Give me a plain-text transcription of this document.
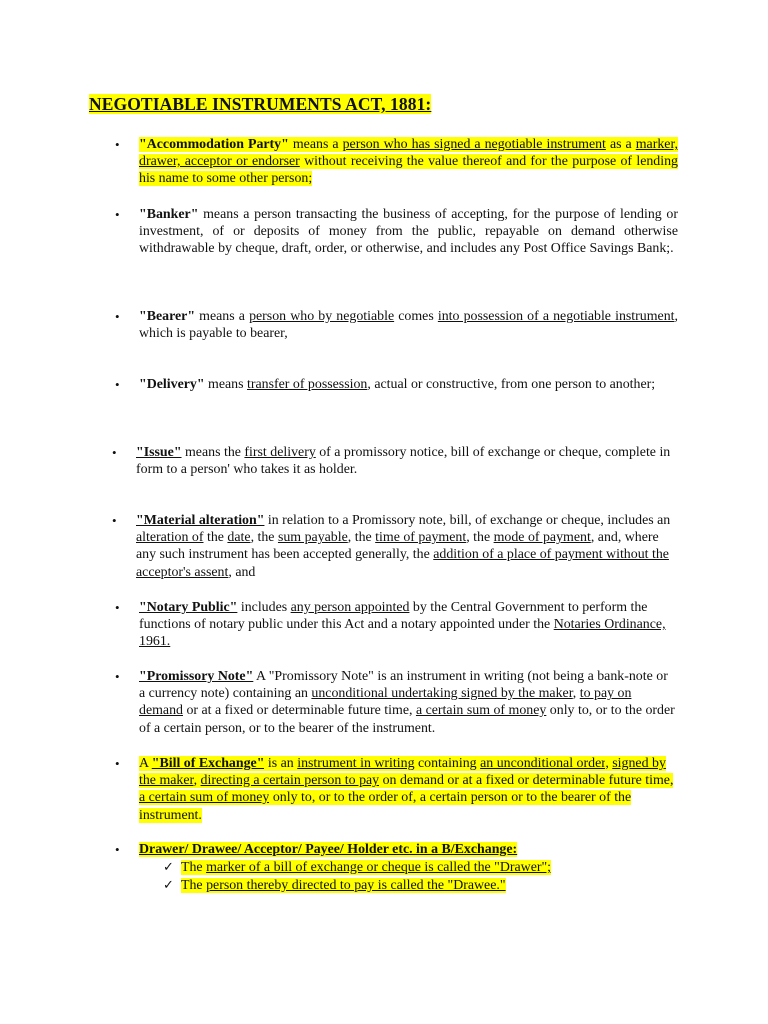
NEGOTIABLE INSTRUMENTS ACT, 1881:
• "Accommodation Party" means a person who has signed a negotiable instrument as a marker, drawer, acceptor or endorser without receiving the value thereof and for the purpose of lending his name to some other person;
• "Banker" means a person transacting the business of accepting, for the purpose of lending or investment, of or deposits of money from the public, repayable on demand otherwise withdrawable by cheque, draft, order, or otherwise, and includes any Post Office Savings Bank;.
• "Bearer" means a person who by negotiable comes into possession of a negotiable instrument, which is payable to bearer,
• "Delivery" means transfer of possession, actual or constructive, from one person to another;
• "Issue" means the first delivery of a promissory notice, bill of exchange or cheque, complete in form to a person' who takes it as holder.
• "Material alteration" in relation to a Promissory note, bill, of exchange or cheque, includes an alteration of the date, the sum payable, the time of payment, the mode of payment, and, where any such instrument has been accepted generally, the addition of a place of payment without the acceptor's assent, and
• "Notary Public" includes any person appointed by the Central Government to perform the functions of notary public under this Act and a notary appointed under the Notaries Ordinance, 1961.
• "Promissory Note" A "Promissory Note" is an instrument in writing (not being a bank-note or a currency note) containing an unconditional undertaking signed by the maker, to pay on demand or at a fixed or determinable future time, a certain sum of money only to, or to the order of a certain person, or to the bearer of the instrument.
• A "Bill of Exchange" is an instrument in writing containing an unconditional order, signed by the maker, directing a certain person to pay on demand or at a fixed or determinable future time, a certain sum of money only to, or to the order of, a certain person or to the bearer of the instrument.
• Drawer/ Drawee/ Acceptor/ Payee/ Holder etc. in a B/Exchange:
✓ The marker of a bill of exchange or cheque is called the "Drawer";
✓ The person thereby directed to pay is called the "Drawee."
